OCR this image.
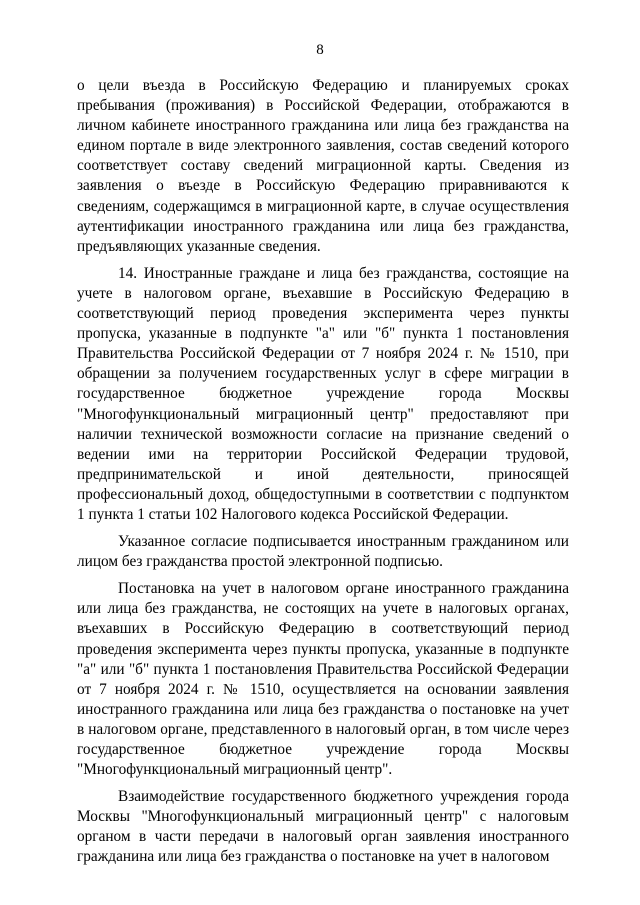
8

о цели въезда в Российскую Федерацию и планируемых сроках пребывания (проживания) в Российской Федерации, отображаются в личном кабинете иностранного гражданина или лица без гражданства на едином портале в виде электронного заявления, состав сведений которого соответствует составу сведений миграционной карты. Сведения из заявления о въезде в Российскую Федерацию приравниваются к сведениям, содержащимся в миграционной карте, в случае осуществления аутентификации иностранного гражданина или лица без гражданства, предъявляющих указанные сведения.

14. Иностранные граждане и лица без гражданства, состоящие на учете в налоговом органе, въехавшие в Российскую Федерацию в соответствующий период проведения эксперимента через пункты пропуска, указанные в подпункте "а" или "б" пункта 1 постановления Правительства Российской Федерации от 7 ноября 2024 г. № 1510, при обращении за получением государственных услуг в сфере миграции в государственное бюджетное учреждение города Москвы "Многофункциональный миграционный центр" предоставляют при наличии технической возможности согласие на признание сведений о ведении ими на территории Российской Федерации трудовой, предпринимательской и иной деятельности, приносящей профессиональный доход, общедоступными в соответствии с подпунктом 1 пункта 1 статьи 102 Налогового кодекса Российской Федерации.

Указанное согласие подписывается иностранным гражданином или лицом без гражданства простой электронной подписью.

Постановка на учет в налоговом органе иностранного гражданина или лица без гражданства, не состоящих на учете в налоговых органах, въехавших в Российскую Федерацию в соответствующий период проведения эксперимента через пункты пропуска, указанные в подпункте "а" или "б" пункта 1 постановления Правительства Российской Федерации от 7 ноября 2024 г. № 1510, осуществляется на основании заявления иностранного гражданина или лица без гражданства о постановке на учет в налоговом органе, представленного в налоговый орган, в том числе через государственное бюджетное учреждение города Москвы "Многофункциональный миграционный центр".

Взаимодействие государственного бюджетного учреждения города Москвы "Многофункциональный миграционный центр" с налоговым органом в части передачи в налоговый орган заявления иностранного гражданина или лица без гражданства о постановке на учет в налоговом
